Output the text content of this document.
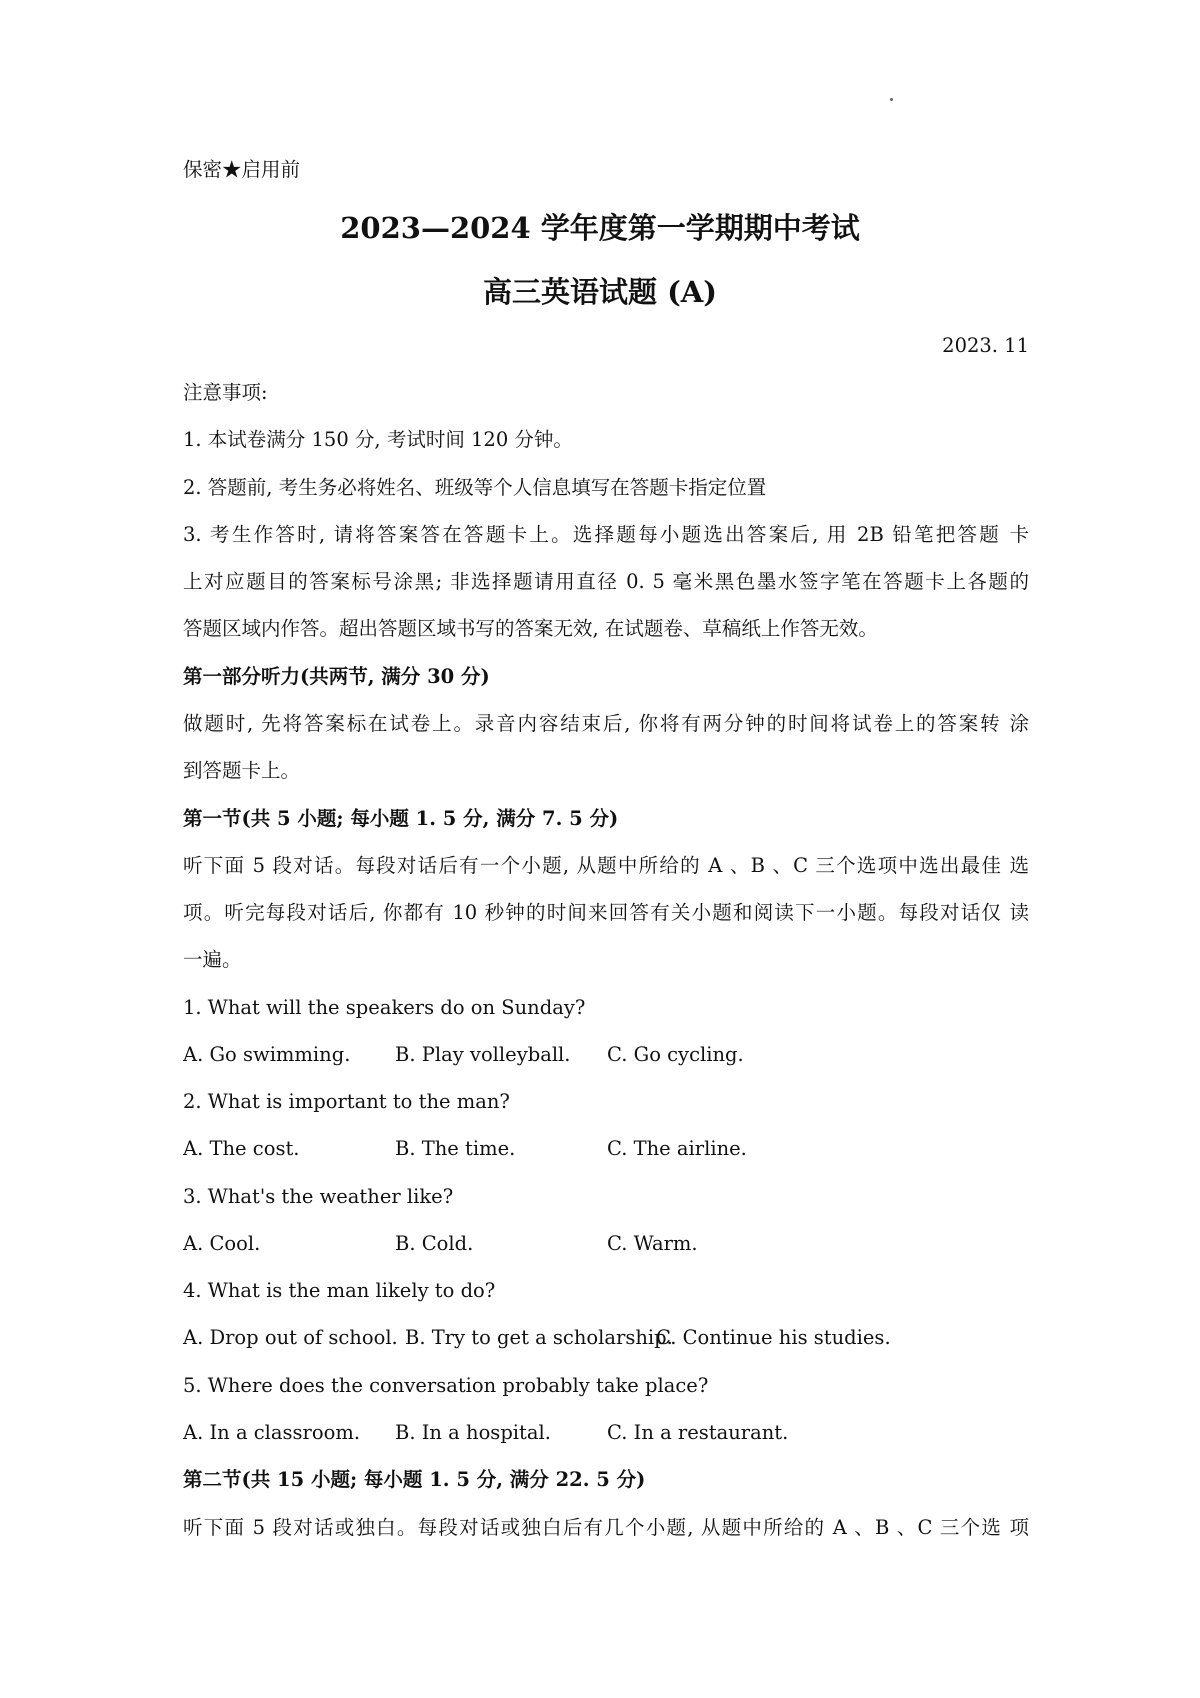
保密★启用前
2023—2024 学年度第一学期期中考试
高三英语试题 (A)
2023. 11
注意事项:
1. 本试卷满分 150 分, 考试时间 120 分钟。
2. 答题前, 考生务必将姓名、班级等个人信息填写在答题卡指定位置
3. 考生作答时, 请将答案答在答题卡上。选择题每小题选出答案后, 用 2B 铅笔把答题 卡
上对应题目的答案标号涂黑; 非选择题请用直径 0. 5 毫米黑色墨水签字笔在答题卡上各题的
答题区域内作答。超出答题区域书写的答案无效, 在试题卷、草稿纸上作答无效。
第一部分听力(共两节, 满分 30 分)
做题时, 先将答案标在试卷上。录音内容结束后, 你将有两分钟的时间将试卷上的答案转 涂
到答题卡上。
第一节(共 5 小题; 每小题 1. 5 分, 满分 7. 5 分)
听下面 5 段对话。每段对话后有一个小题, 从题中所给的 A 、B 、C 三个选项中选出最佳 选
项。听完每段对话后, 你都有 10 秒钟的时间来回答有关小题和阅读下一小题。每段对话仅 读
一遍。
1. What will the speakers do on Sunday?
A. Go swimming. B. Play volleyball. C. Go cycling.
2. What is important to the man?
A. The cost.	B. The time.	C. The airline.
3. What's the weather like?
A. Cool.	B. Cold.	C. Warm.
4. What is the man likely to do?
A. Drop out of school. B. Try to get a scholarship.
C. Continue his studies.
5. Where does the conversation probably take place?
A. In a classroom. B. In a hospital.	C. In a restaurant.
第二节(共 15 小题; 每小题 1. 5 分, 满分 22. 5 分)
听下面 5 段对话或独白。每段对话或独白后有几个小题, 从题中所给的 A 、B 、C 三个选 项
